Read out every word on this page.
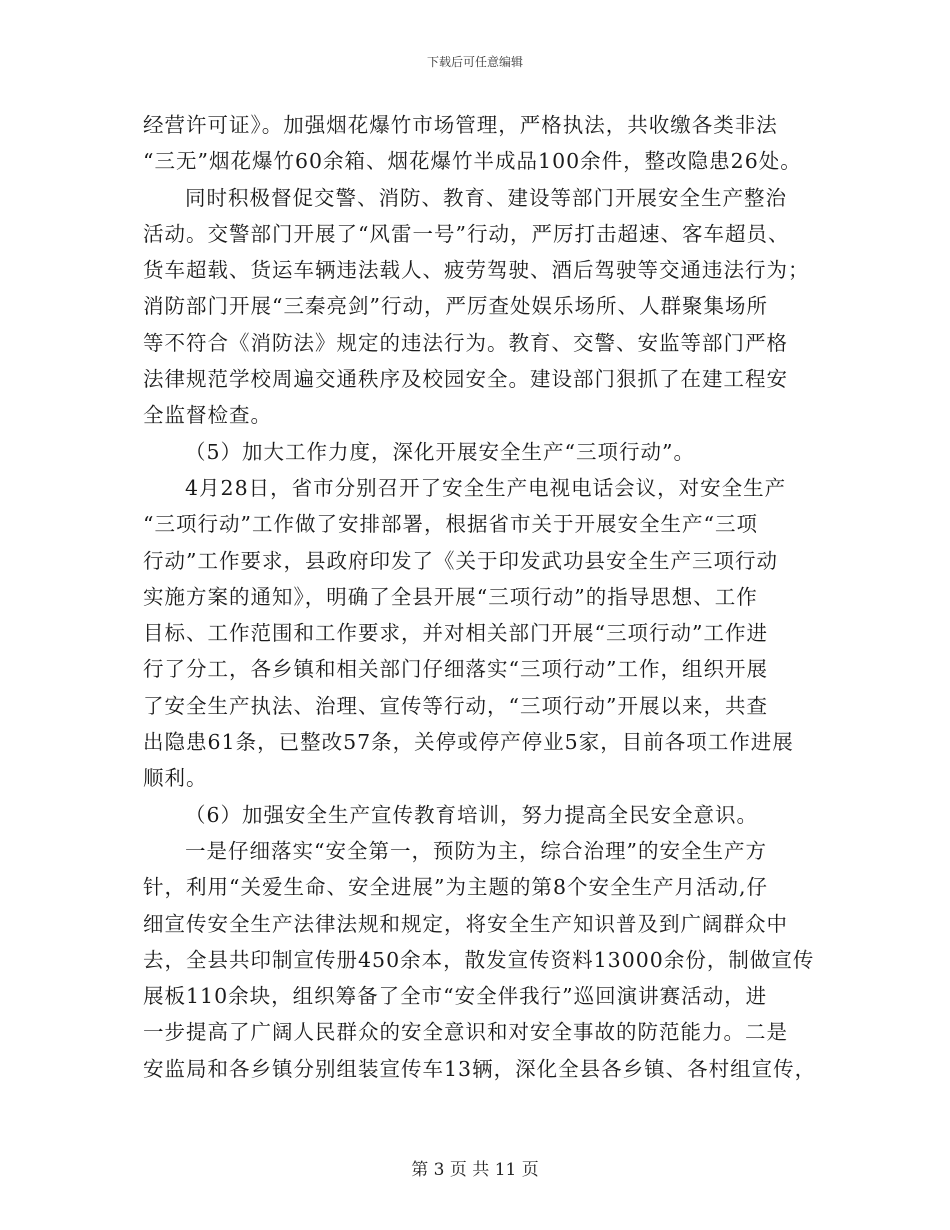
下载后可任意编辑
经营许可证》。加强烟花爆竹市场管理，严格执法，共收缴各类非法
“三无”烟花爆竹60余箱、烟花爆竹半成品100余件，整改隐患26处。
同时积极督促交警、消防、教育、建设等部门开展安全生产整治
活动。交警部门开展了“风雷一号”行动，严厉打击超速、客车超员、
货车超载、货运车辆违法载人、疲劳驾驶、酒后驾驶等交通违法行为；
消防部门开展“三秦亮剑”行动，严厉查处娱乐场所、人群聚集场所
等不符合《消防法》规定的违法行为。教育、交警、安监等部门严格
法律规范学校周遍交通秩序及校园安全。建设部门狠抓了在建工程安
全监督检查。
（5）加大工作力度，深化开展安全生产“三项行动”。
4月28日，省市分别召开了安全生产电视电话会议，对安全生产
“三项行动”工作做了安排部署，根据省市关于开展安全生产“三项
行动”工作要求，县政府印发了《关于印发武功县安全生产三项行动
实施方案的通知》，明确了全县开展“三项行动”的指导思想、工作
目标、工作范围和工作要求，并对相关部门开展“三项行动”工作进
行了分工，各乡镇和相关部门仔细落实“三项行动”工作，组织开展
了安全生产执法、治理、宣传等行动，“三项行动”开展以来，共查
出隐患61条，已整改57条，关停或停产停业5家，目前各项工作进展
顺利。
（6）加强安全生产宣传教育培训，努力提高全民安全意识。
一是仔细落实“安全第一，预防为主，综合治理”的安全生产方
针，利用“关爱生命、安全进展”为主题的第8个安全生产月活动,仔
细宣传安全生产法律法规和规定，将安全生产知识普及到广阔群众中
去，全县共印制宣传册450余本，散发宣传资料13000余份，制做宣传
展板110余块，组织筹备了全市“安全伴我行”巡回演讲赛活动，进
一步提高了广阔人民群众的安全意识和对安全事故的防范能力。二是
安监局和各乡镇分别组装宣传车13辆，深化全县各乡镇、各村组宣传，
第 3 页 共 11 页
